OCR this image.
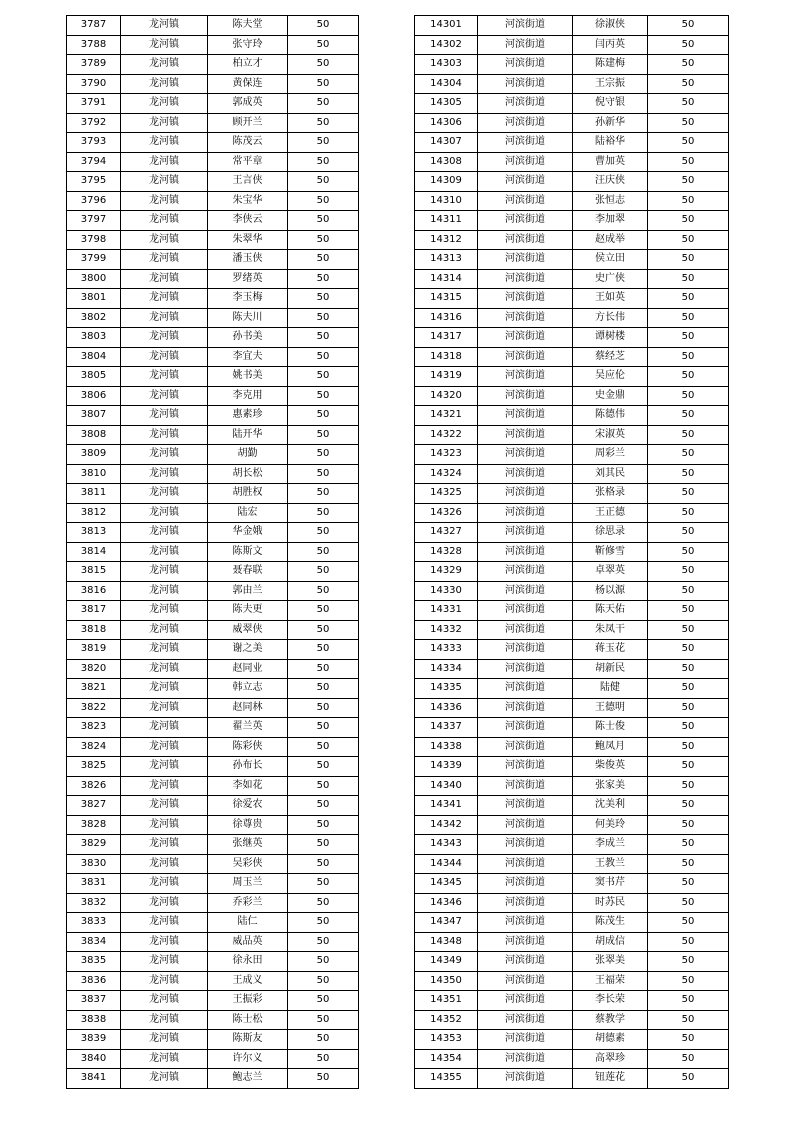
3787	龙河镇	陈夫堂	50
3788	龙河镇	张守玲	50
3789	龙河镇	柏立才	50
3790	龙河镇	黄保连	50
3791	龙河镇	郭成英	50
3792	龙河镇	顾开兰	50
3793	龙河镇	陈茂云	50
3794	龙河镇	常平章	50
3795	龙河镇	王言侠	50
3796	龙河镇	朱宝华	50
3797	龙河镇	李侠云	50
3798	龙河镇	朱翠华	50
3799	龙河镇	潘玉侠	50
3800	龙河镇	罗绪英	50
3801	龙河镇	李玉梅	50
3802	龙河镇	陈夫川	50
3803	龙河镇	孙书美	50
3804	龙河镇	李宜夫	50
3805	龙河镇	姚书美	50
3806	龙河镇	李克用	50
3807	龙河镇	惠素珍	50
3808	龙河镇	陆开华	50
3809	龙河镇	胡勤	50
3810	龙河镇	胡长松	50
3811	龙河镇	胡胜权	50
3812	龙河镇	陆宏	50
3813	龙河镇	华金娥	50
3814	龙河镇	陈斯文	50
3815	龙河镇	聂春联	50
3816	龙河镇	郭由兰	50
3817	龙河镇	陈夫更	50
3818	龙河镇	威翠侠	50
3819	龙河镇	谢之美	50
3820	龙河镇	赵同业	50
3821	龙河镇	韩立志	50
3822	龙河镇	赵同林	50
3823	龙河镇	翟兰英	50
3824	龙河镇	陈彩侠	50
3825	龙河镇	孙布长	50
3826	龙河镇	李如花	50
3827	龙河镇	徐爱农	50
3828	龙河镇	徐尊贵	50
3829	龙河镇	张继英	50
3830	龙河镇	吴彩侠	50
3831	龙河镇	周玉兰	50
3832	龙河镇	乔彩兰	50
3833	龙河镇	陆仁	50
3834	龙河镇	威品英	50
3835	龙河镇	徐永田	50
3836	龙河镇	王成义	50
3837	龙河镇	王振彩	50
3838	龙河镇	陈士松	50
3839	龙河镇	陈斯友	50
3840	龙河镇	许尔义	50
3841	龙河镇	鲍志兰	50
14301	河滨街道	徐淑侠	50
14302	河滨街道	闫丙英	50
14303	河滨街道	陈建梅	50
14304	河滨街道	王宗振	50
14305	河滨街道	倪守银	50
14306	河滨街道	孙新华	50
14307	河滨街道	陆裕华	50
14308	河滨街道	曹加英	50
14309	河滨街道	汪庆侠	50
14310	河滨街道	张恒志	50
14311	河滨街道	李加翠	50
14312	河滨街道	赵成举	50
14313	河滨街道	侯立田	50
14314	河滨街道	史广侠	50
14315	河滨街道	王如英	50
14316	河滨街道	方长伟	50
14317	河滨街道	谭树楼	50
14318	河滨街道	蔡经芝	50
14319	河滨街道	吴应伦	50
14320	河滨街道	史金鼎	50
14321	河滨街道	陈德伟	50
14322	河滨街道	宋淑英	50
14323	河滨街道	周彩兰	50
14324	河滨街道	刘其民	50
14325	河滨街道	张格录	50
14326	河滨街道	王正德	50
14327	河滨街道	徐思录	50
14328	河滨街道	靳修雪	50
14329	河滨街道	卓翠英	50
14330	河滨街道	杨以源	50
14331	河滨街道	陈天佑	50
14332	河滨街道	朱凤干	50
14333	河滨街道	蒋玉花	50
14334	河滨街道	胡新民	50
14335	河滨街道	陆健	50
14336	河滨街道	王德明	50
14337	河滨街道	陈士俊	50
14338	河滨街道	鲍凤月	50
14339	河滨街道	柴俊英	50
14340	河滨街道	张家美	50
14341	河滨街道	沈美利	50
14342	河滨街道	何美玲	50
14343	河滨街道	李成兰	50
14344	河滨街道	王教兰	50
14345	河滨街道	窦书芹	50
14346	河滨街道	时苏民	50
14347	河滨街道	陈茂生	50
14348	河滨街道	胡成信	50
14349	河滨街道	张翠美	50
14350	河滨街道	王福荣	50
14351	河滨街道	李长荣	50
14352	河滨街道	蔡教学	50
14353	河滨街道	胡德素	50
14354	河滨街道	高翠珍	50
14355	河滨街道	钮莲花	50
